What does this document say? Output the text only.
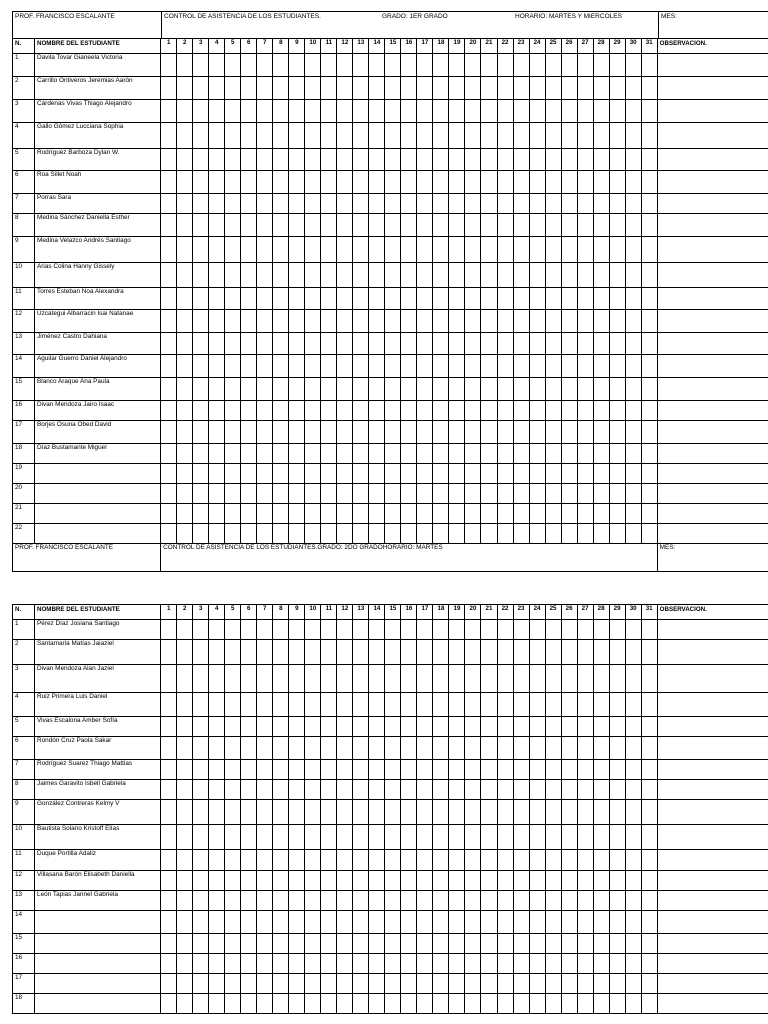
PROF. FRANCISCO ESCALANTE	CONTROL DE ASISTENCIA DE LOS ESTUDIANTES.	GRADO: 1ER GRADO	HORARIO: MARTES Y MIERCOLES	MES:
N.	NOMBRE DEL ESTUDIANTE	1	2	3	4	5	6	7	8	9	10	11	12	13	14	15	16	17	18	19	20	21	22	23	24	25	26	27	28	29	30	31	OBSERVACION.
1	Davila Tovar Gianeela Victoria																																
2	Carrillo Ontiveros Jeremias Aarón																																
3	Cárdenas Vivas Thiago Alejandro																																
4	Gallo Gómez Lucciana Sophia																																
5	Rodríguez Barboza Dylan W.																																
6	Roa Sillet Noah																																
7	Porras Sara																																
8	Medina Sánchez Daniella Esther																																
9	Medina Velazco Andrés Santiago																																
10	Arias Colina Hanny Gissely																																
11	Torres Esteban Noa Alexandra																																
12	Uzcategui Albarracin Isai Natanae																																
13	Jiménez Castro Dahiana																																
14	Aguilar Guerro Daniel Alejandro																																
15	Blanco Araque Ana Paula																																
16	Divan Mendoza Jairo Isaac																																
17	Borjes Osuna Obed David																																
18	Díaz Bustamante Miguel																																
19																																	
20																																	
21																																	
22																																	
PROF. FRANCISCO ESCALANTE		CONTROL DE ASISTENCIA DE LOS ESTUDIANTES.GRADO: 2DO GRADOHORARIO: MARTES																															MES:
N.	NOMBRE DEL ESTUDIANTE	1	2	3	4	5	6	7	8	9	10	11	12	13	14	15	16	17	18	19	20	21	22	23	24	25	26	27	28	29	30	31	OBSERVACION.
1	Pérez Díaz Josiana Santiago																																
2	Santamaria Matías Jaiaziel																																
3	Divan Mendoza Alan Jaziel																																
4	Ruiz Primera Luis Daniel																																
5	Vivas Escalona Amber Sofía																																
6	Rondón Cruz Paola Sakar																																
7	Rodríguez Suarez Thiago Mattias																																
8	Jaimes Garavito Isbell Gabriela																																
9	González Contreras Kelmy V																																
10	Bautista Solano Kristoff Elías																																
11	Duque Portilla Adaliz																																
12	Villasana Barón Elisabeth Daniella																																
13	León Tapias Jannel Gabriela																																
14																																	
15																																	
16																																	
17																																	
18																																	
